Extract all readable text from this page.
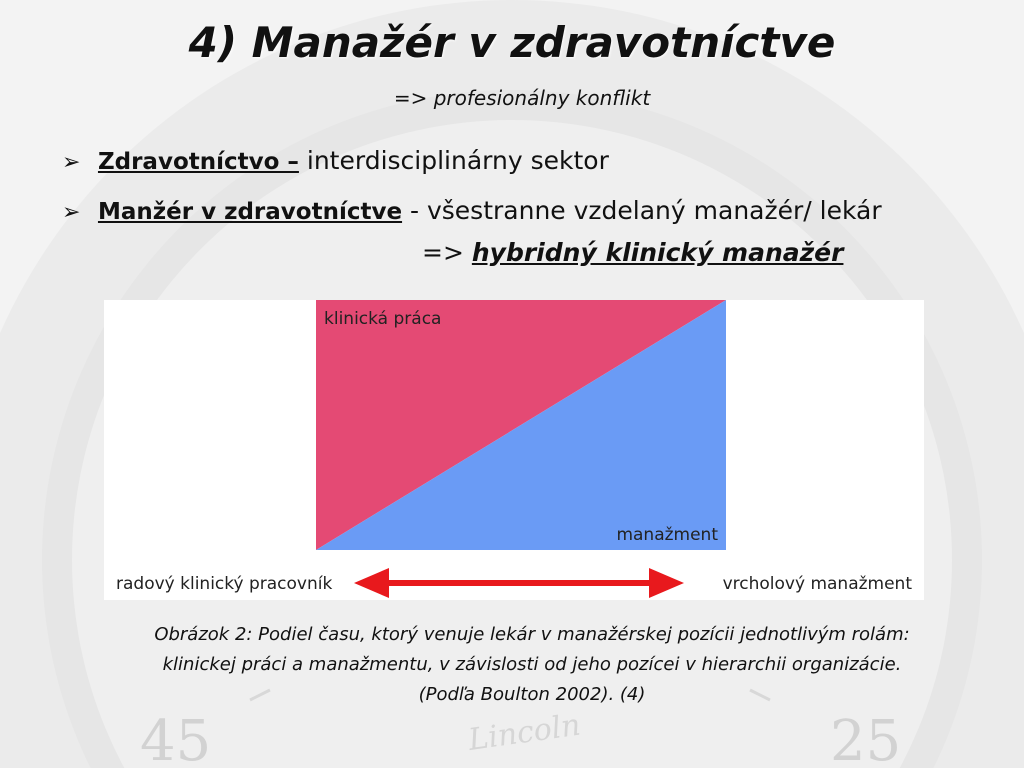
45	25
Lincoln
4) Manažér v zdravotníctve
=> profesionálny konflikt
➢ Zdravotníctvo – interdisciplinárny sektor
➢ Manžér v zdravotníctve - všestranne vzdelaný manažér/ lekár
=> hybridný klinický manažér
klinická práca
manažment
radový klinický pracovník	vrcholový manažment
Obrázok 2: Podiel času, ktorý venuje lekár v manažérskej pozícii jednotlivým rolám:
klinickej práci a manažmentu, v závislosti od jeho pozícei v hierarchii organizácie.
(Podľa Boulton 2002). (4)
